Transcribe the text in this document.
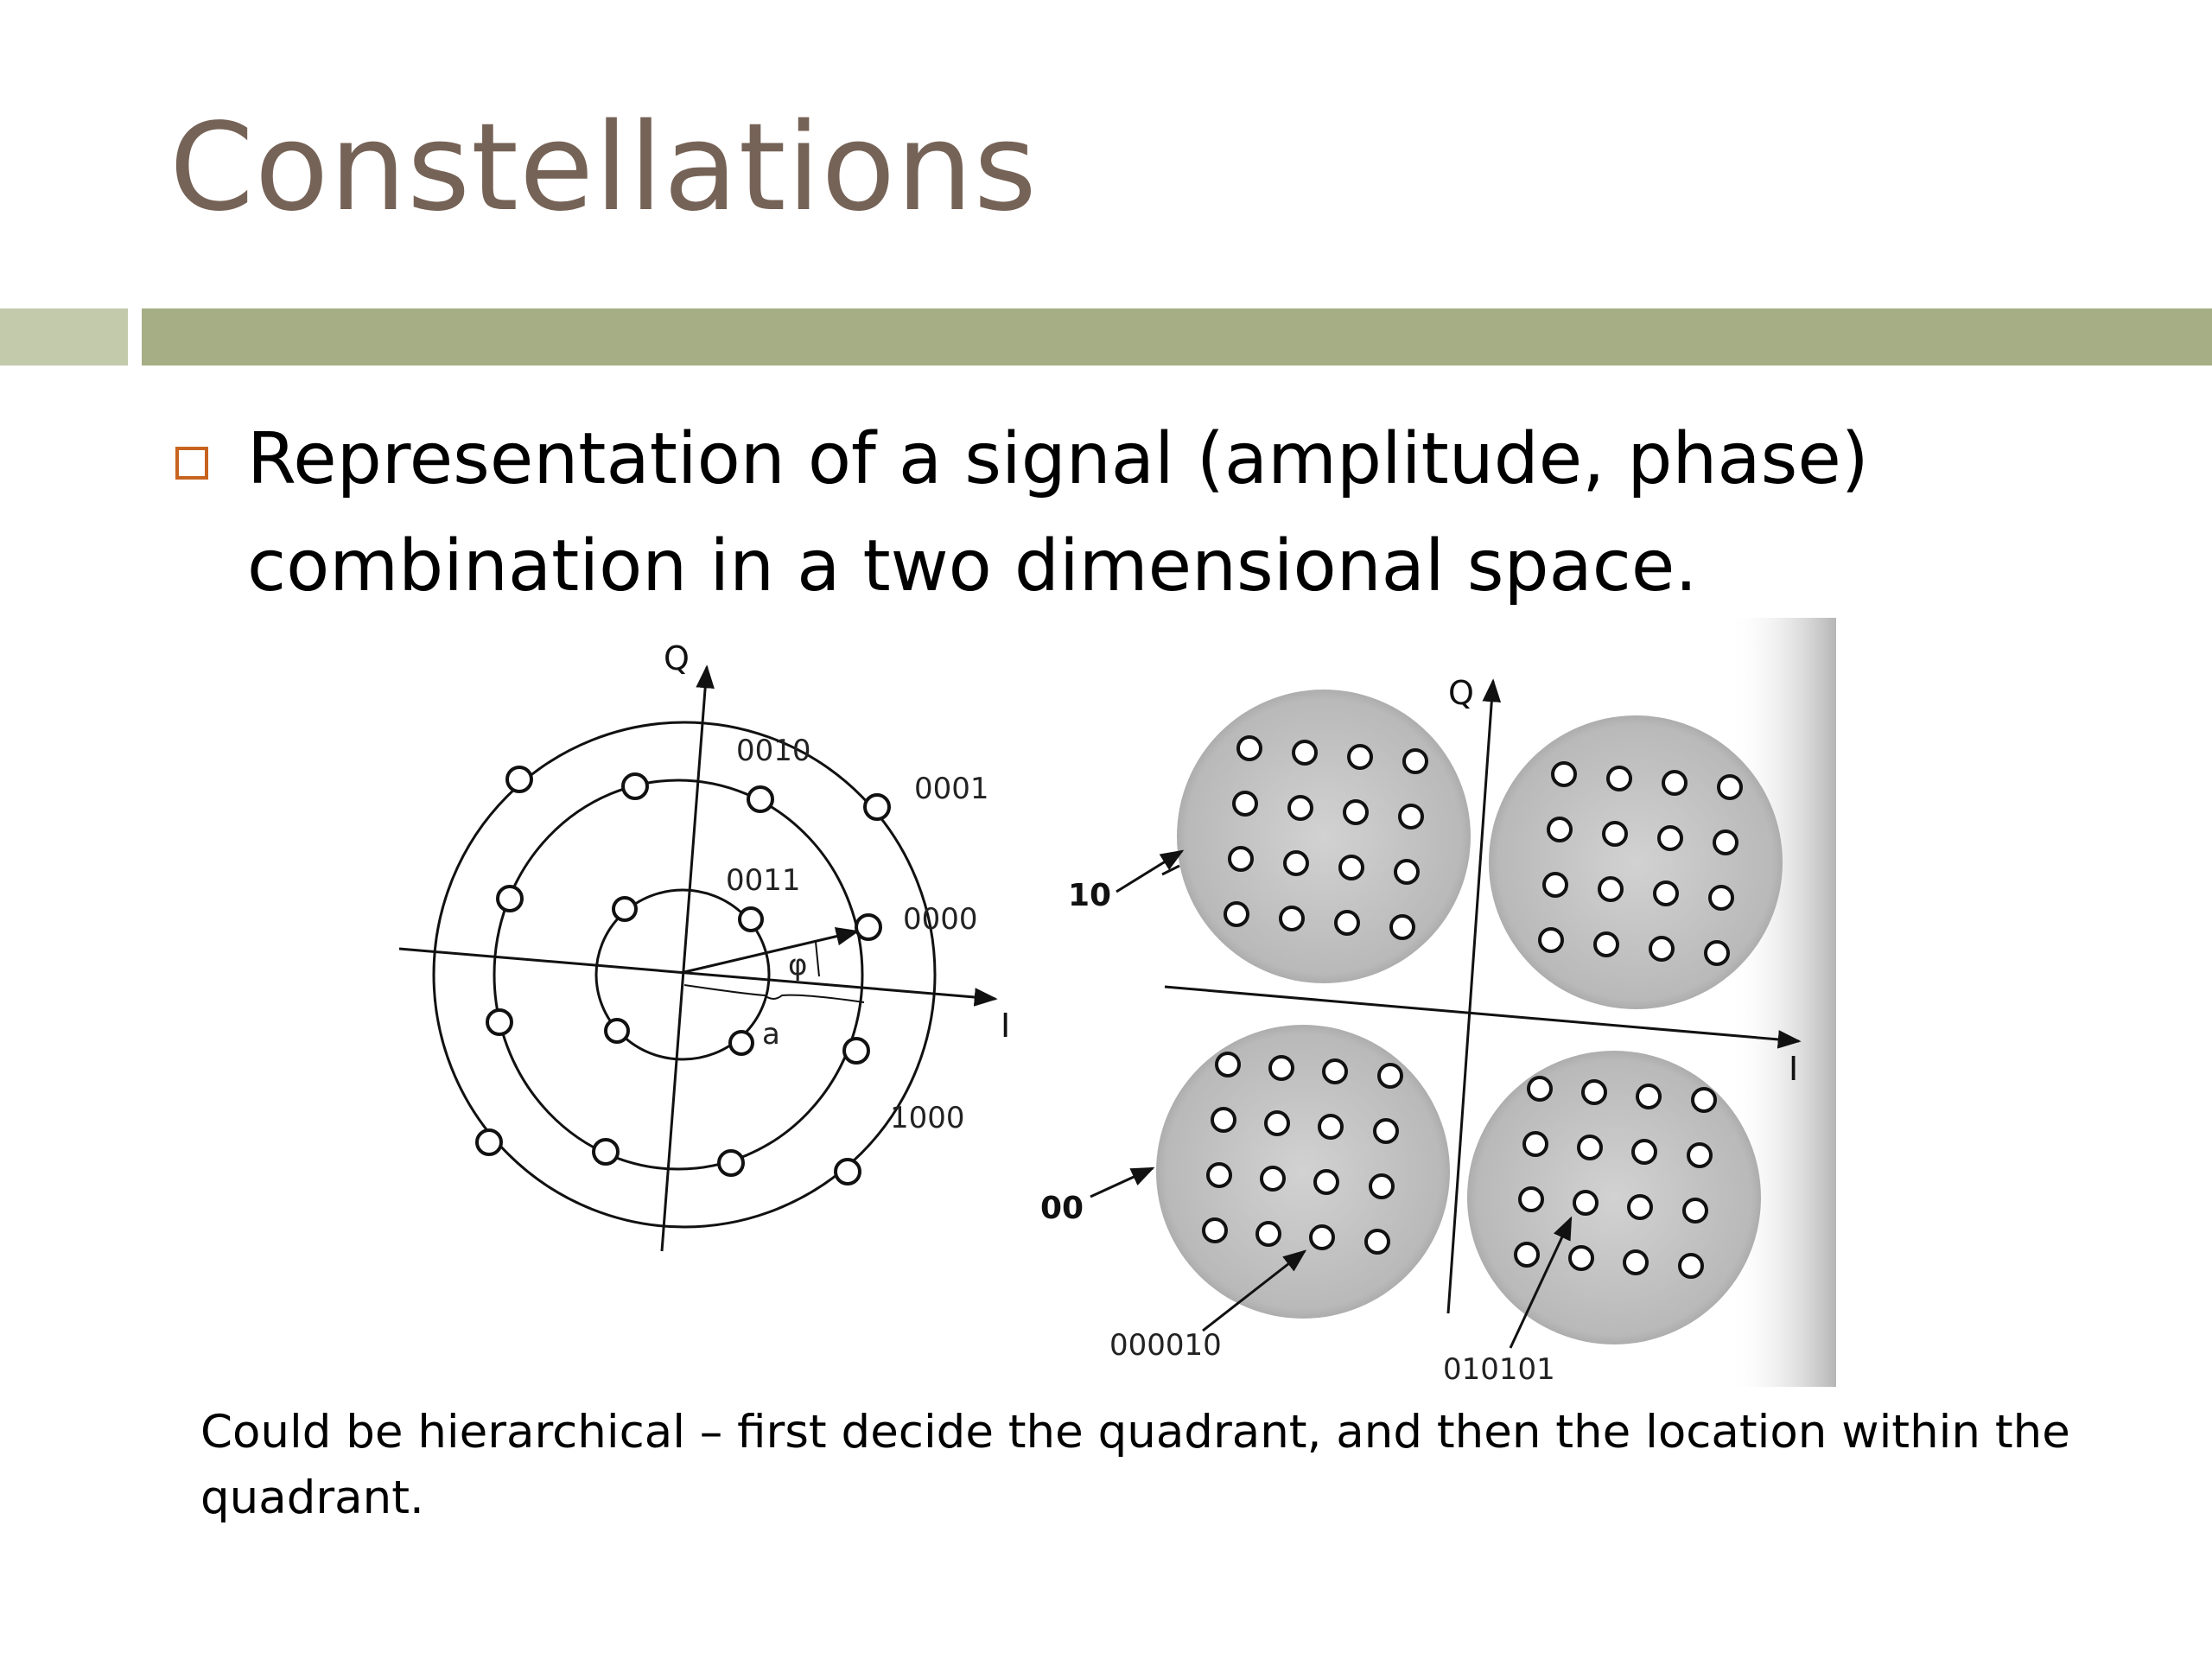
Constellations
Representation of a signal (amplitude, phase) combination in a two dimensional space.
Q
I
0010
0001
0011
0000
1000
φ
a
Q
I
10
00
000010
010101
Could be hierarchical – first decide the quadrant, and then the location within the quadrant.
